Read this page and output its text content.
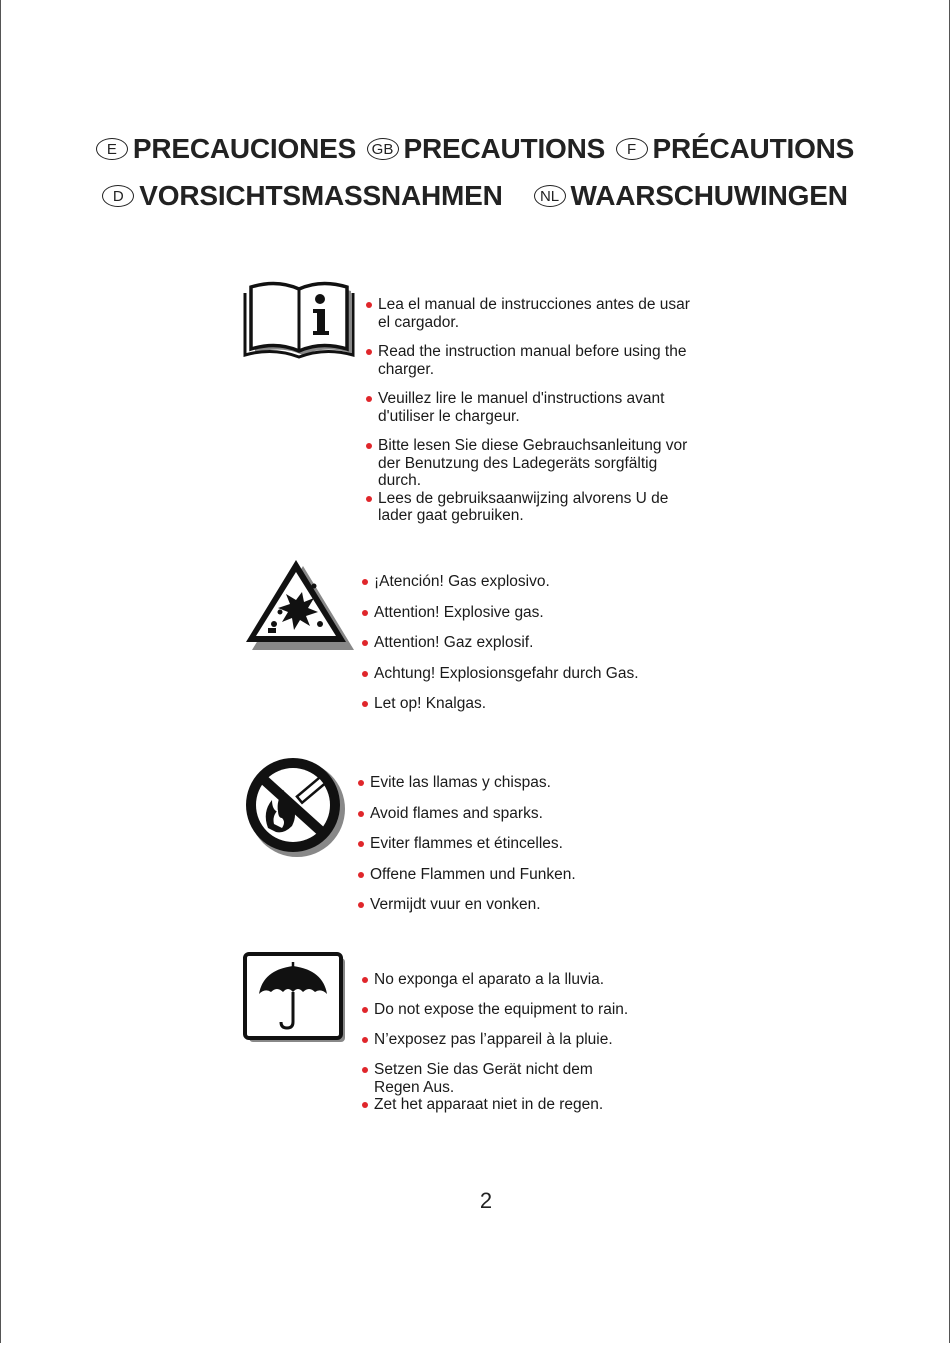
E PRECAUCIONES
	GB PRECAUTIONS
	F PRÉCAUTIONS
D VORSICHTSMASSNAHMEN
	NL WAARSCHUWINGEN
Lea el manual de instrucciones antes de usar el cargador.
Read the instruction manual before using the charger.
Veuillez lire le manuel d'instructions avant d'utiliser le chargeur.
Bitte lesen Sie diese Gebrauchsanleitung vor der Benutzung des Ladegeräts sorgfältig durch.
Lees de gebruiksaanwijzing alvorens U de lader gaat gebruiken.
¡Atención! Gas explosivo.
Attention! Explosive gas.
Attention! Gaz explosif.
Achtung! Explosionsgefahr durch Gas.
Let op! Knalgas.
Evite las llamas y chispas.
Avoid flames and sparks.
Eviter flammes et étincelles.
Offene Flammen und Funken.
Vermijdt vuur en vonken.
No exponga el aparato a la lluvia.
Do not expose the equipment to rain.
N’exposez pas l’appareil à la pluie.
Setzen Sie das Gerät nicht dem Regen Aus.
Zet het apparaat niet in de regen.
2
